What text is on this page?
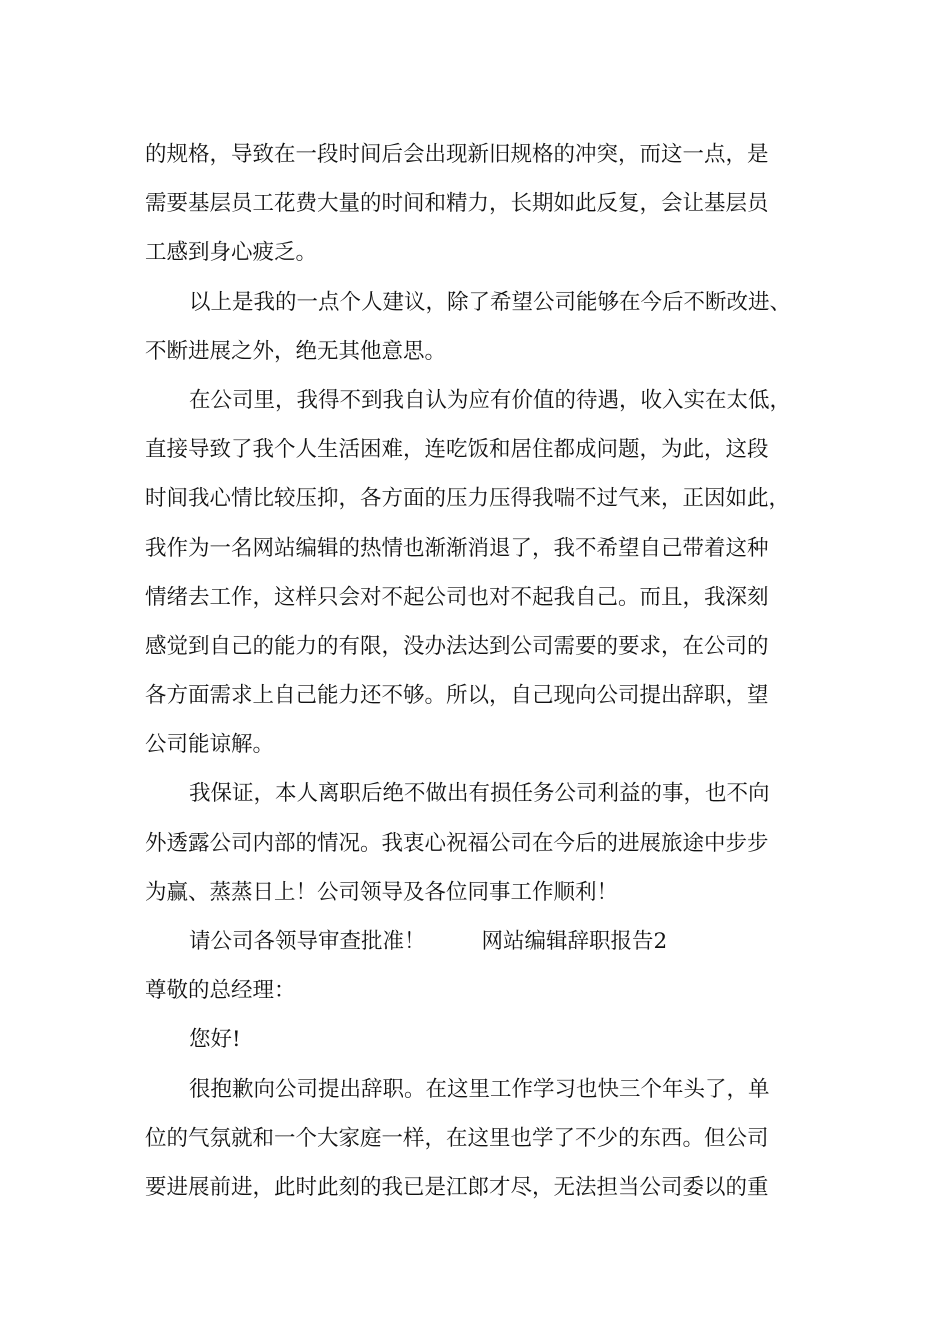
的规格，导致在一段时间后会出现新旧规格的冲突，而这一点，是
需要基层员工花费大量的时间和精力，长期如此反复，会让基层员
工感到身心疲乏。
以上是我的一点个人建议，除了希望公司能够在今后不断改进、
不断进展之外，绝无其他意思。
在公司里，我得不到我自认为应有价值的待遇，收入实在太低，
直接导致了我个人生活困难，连吃饭和居住都成问题，为此，这段
时间我心情比较压抑，各方面的压力压得我喘不过气来，正因如此，
我作为一名网站编辑的热情也渐渐消退了，我不希望自己带着这种
情绪去工作，这样只会对不起公司也对不起我自己。而且，我深刻
感觉到自己的能力的有限，没办法达到公司需要的要求，在公司的
各方面需求上自己能力还不够。所以，自己现向公司提出辞职，望
公司能谅解。
我保证，本人离职后绝不做出有损任务公司利益的事，也不向
外透露公司内部的情况。我衷心祝福公司在今后的进展旅途中步步
为赢、蒸蒸日上！公司领导及各位同事工作顺利！
请公司各领导审查批准！	网站编辑辞职报告2
尊敬的总经理：
您好!
很抱歉向公司提出辞职。在这里工作学习也快三个年头了，单
位的气氛就和一个大家庭一样，在这里也学了不少的东西。但公司
要进展前进，此时此刻的我已是江郎才尽，无法担当公司委以的重
